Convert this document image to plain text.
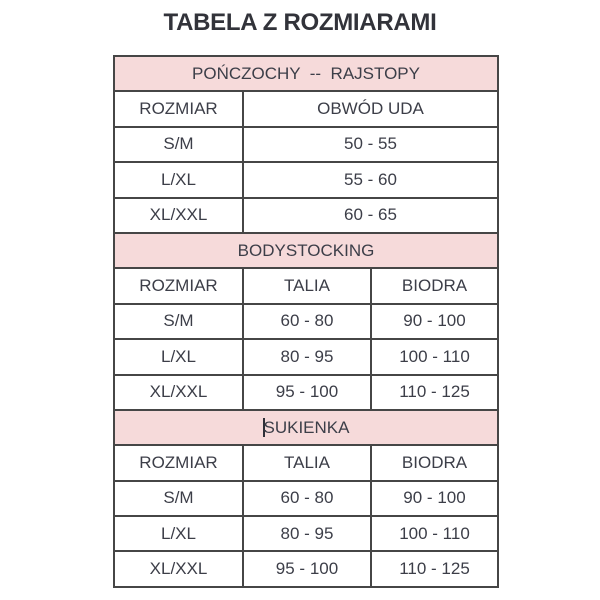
TABELA Z ROZMIARAMI
POŃCZOCHY  --  RAJSTOPY		
ROZMIAR	OBWÓD UDA	
S/M	50 - 55	
L/XL	55 - 60	
XL/XXL	60 - 65	
BODYSTOCKING		
ROZMIAR	TALIA	BIODRA
S/M	60 - 80	90 - 100
L/XL	80 - 95	100 - 110
XL/XXL	95 - 100	110 - 125
SUKIENKA		
ROZMIAR	TALIA	BIODRA
S/M	60 - 80	90 - 100
L/XL	80 - 95	100 - 110
XL/XXL	95 - 100	110 - 125
